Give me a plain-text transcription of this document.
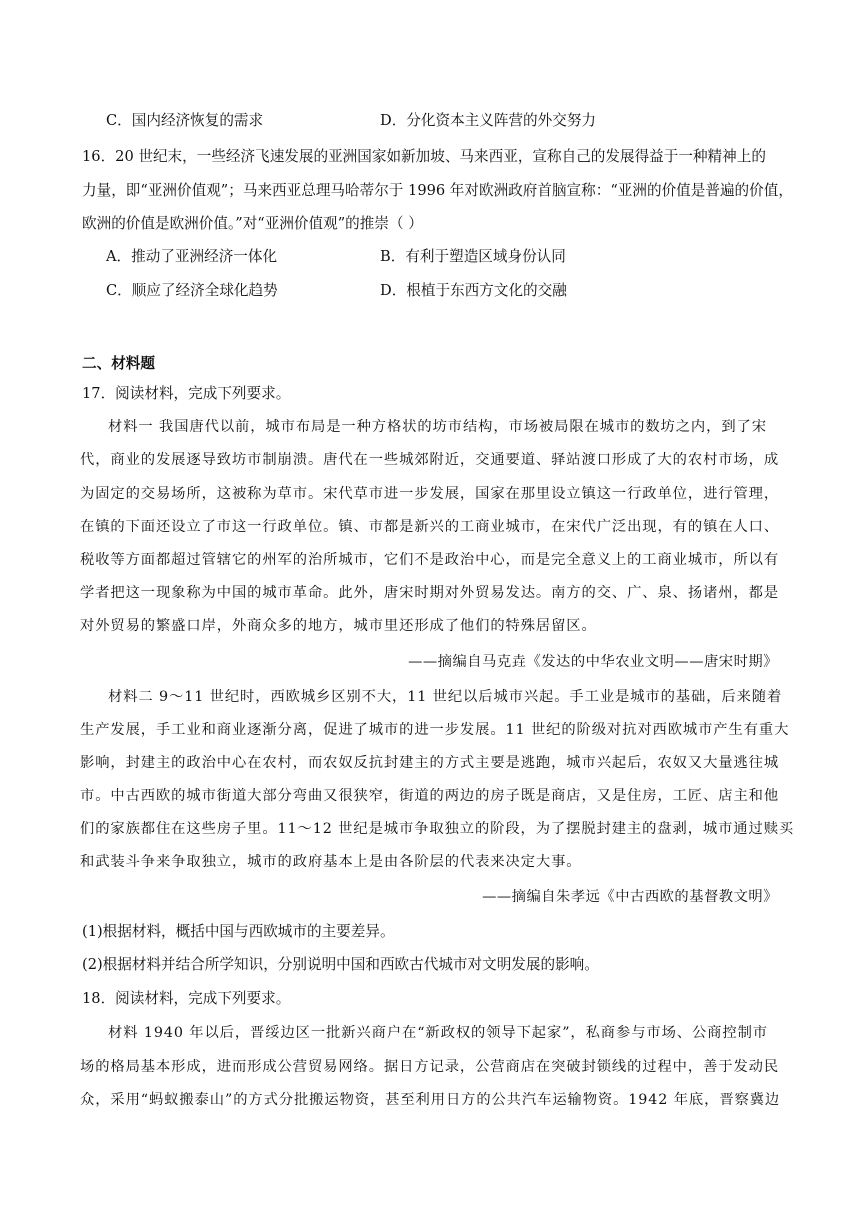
C．国内经济恢复的需求	D．分化资本主义阵营的外交努力
16．20 世纪末，一些经济飞速发展的亚洲国家如新加坡、马来西亚，宣称自己的发展得益于一种精神上的
力量，即“亚洲价值观”；马来西亚总理马哈蒂尔于 1996 年对欧洲政府首脑宣称：“亚洲的价值是普遍的价值，
欧洲的价值是欧洲价值。”对“亚洲价值观”的推崇（ ）
A．推动了亚洲经济一体化	B．有利于塑造区域身份认同
C．顺应了经济全球化趋势	D．根植于东西方文化的交融
二、材料题
17．阅读材料，完成下列要求。
材料一 我国唐代以前，城市布局是一种方格状的坊市结构，市场被局限在城市的数坊之内，到了宋
代，商业的发展逐导致坊市制崩溃。唐代在一些城郊附近，交通要道、驿站渡口形成了大的农村市场，成
为固定的交易场所，这被称为草市。宋代草市进一步发展，国家在那里设立镇这一行政单位，进行管理，
在镇的下面还设立了市这一行政单位。镇、市都是新兴的工商业城市，在宋代广泛出现，有的镇在人口、
税收等方面都超过管辖它的州军的治所城市，它们不是政治中心，而是完全意义上的工商业城市，所以有
学者把这一现象称为中国的城市革命。此外，唐宋时期对外贸易发达。南方的交、广、泉、扬诸州，都是
对外贸易的繁盛口岸，外商众多的地方，城市里还形成了他们的特殊居留区。
——摘编自马克垚《发达的中华农业文明——唐宋时期》
材料二 9～11 世纪时，西欧城乡区别不大，11 世纪以后城市兴起。手工业是城市的基础，后来随着
生产发展，手工业和商业逐渐分离，促进了城市的进一步发展。11 世纪的阶级对抗对西欧城市产生有重大
影响，封建主的政治中心在农村，而农奴反抗封建主的方式主要是逃跑，城市兴起后，农奴又大量逃往城
市。中古西欧的城市街道大部分弯曲又很狭窄，街道的两边的房子既是商店，又是住房，工匠、店主和他
们的家族都住在这些房子里。11～12 世纪是城市争取独立的阶段，为了摆脱封建主的盘剥，城市通过赎买
和武装斗争来争取独立，城市的政府基本上是由各阶层的代表来决定大事。
——摘编自朱孝远《中古西欧的基督教文明》
(1)根据材料，概括中国与西欧城市的主要差异。
(2)根据材料并结合所学知识，分别说明中国和西欧古代城市对文明发展的影响。
18．阅读材料，完成下列要求。
材料 1940 年以后，晋绥边区一批新兴商户在“新政权的领导下起家”，私商参与市场、公商控制市
场的格局基本形成，进而形成公营贸易网络。据日方记录，公营商店在突破封锁线的过程中，善于发动民
众，采用“蚂蚁搬泰山”的方式分批搬运物资，甚至利用日方的公共汽车运输物资。1942 年底，晋察冀边
